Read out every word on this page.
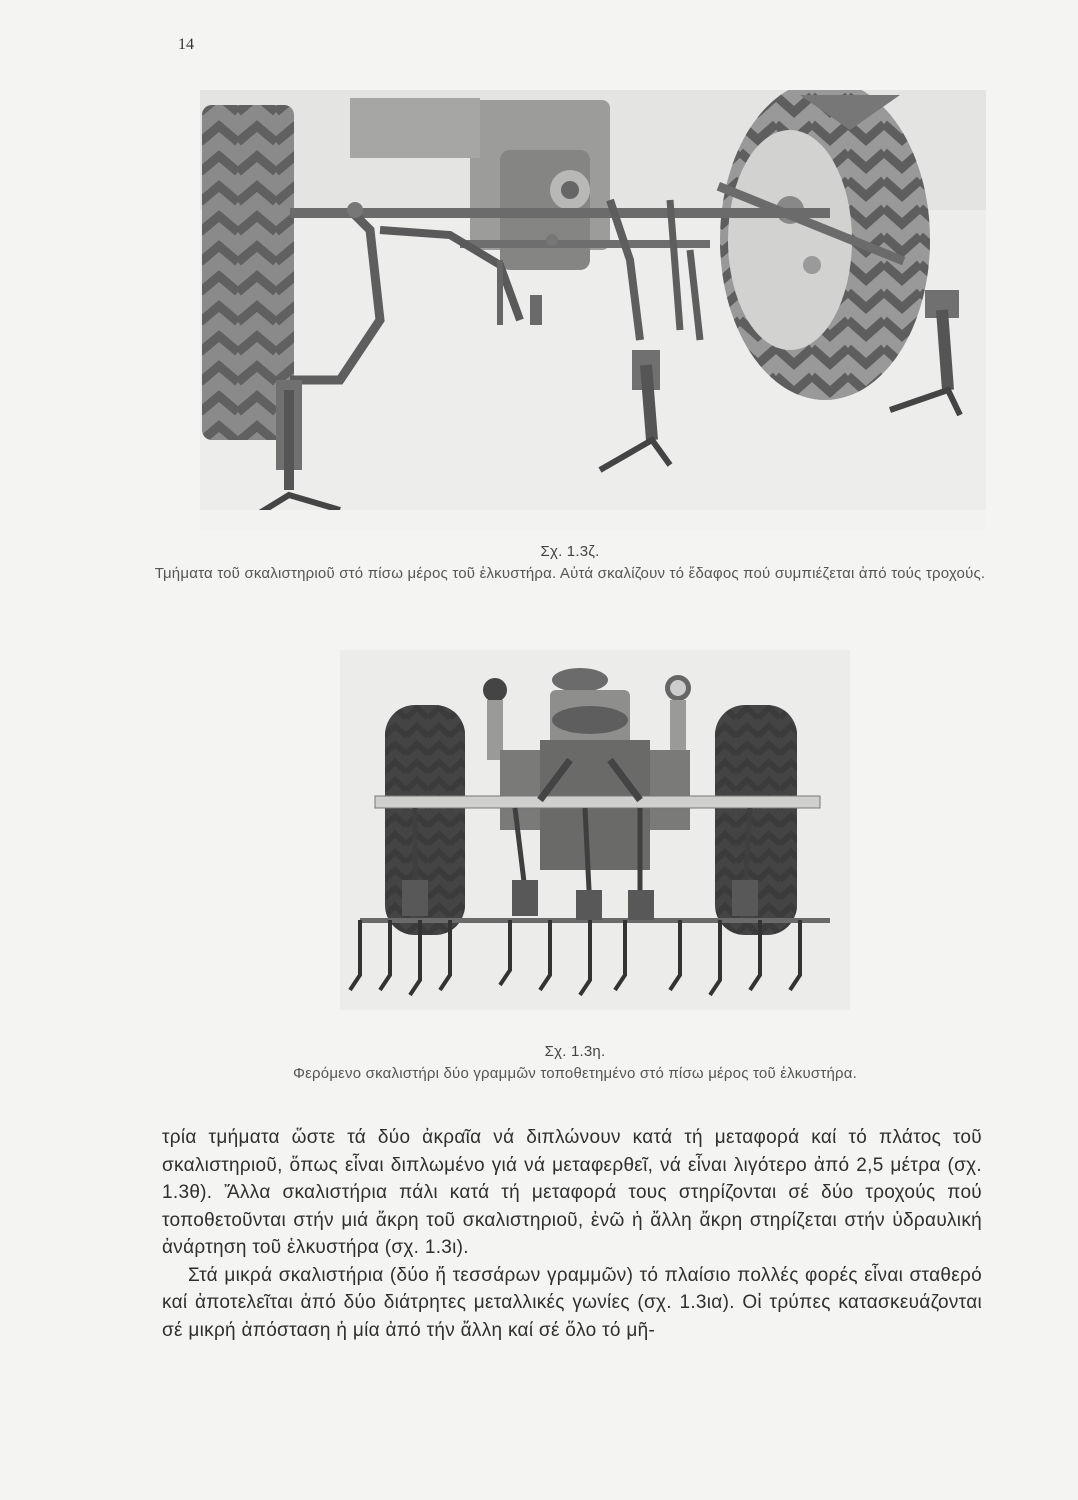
14
Σχ. 1.3ζ.
Τμήματα τοῦ σκαλιστηριοῦ στό πίσω μέρος τοῦ ἑλκυστήρα. Αὐτά σκαλίζουν τό ἔδαφος πού συμπιέζεται ἀπό τούς τροχούς.
Σχ. 1.3η.
Φερόμενο σκαλιστήρι δύο γραμμῶν τοποθετημένο στό πίσω μέρος τοῦ ἑλκυστήρα.

τρία τμήματα ὥστε τά δύο ἀκραῖα νά διπλώνουν κατά τή μεταφορά καί τό πλάτος τοῦ σκαλιστηριοῦ, ὅπως εἶναι διπλωμένο γιά νά μεταφερθεῖ, νά εἶναι λιγότερο ἀπό 2,5 μέτρα (σχ. 1.3θ). Ἄλλα σκαλιστήρια πάλι κατά τή μεταφορά τους στηρίζονται σέ δύο τροχούς πού τοποθετοῦνται στήν μιά ἄκρη τοῦ σκαλιστηριοῦ, ἐνῶ ἡ ἄλλη ἄκρη στηρίζεται στήν ὑδραυλική ἀνάρτηση τοῦ ἑλκυστήρα (σχ. 1.3ι).

Στά μικρά σκαλιστήρια (δύο ἤ τεσσάρων γραμμῶν) τό πλαίσιο πολλές φορές εἶναι σταθερό καί ἀποτελεῖται ἀπό δύο διάτρητες μεταλλικές γωνίες (σχ. 1.3ια). Οἱ τρύπες κατασκευάζονται σέ μικρή ἀπόσταση ἡ μία ἀπό τήν ἄλλη καί σέ ὅλο τό μῆ-
